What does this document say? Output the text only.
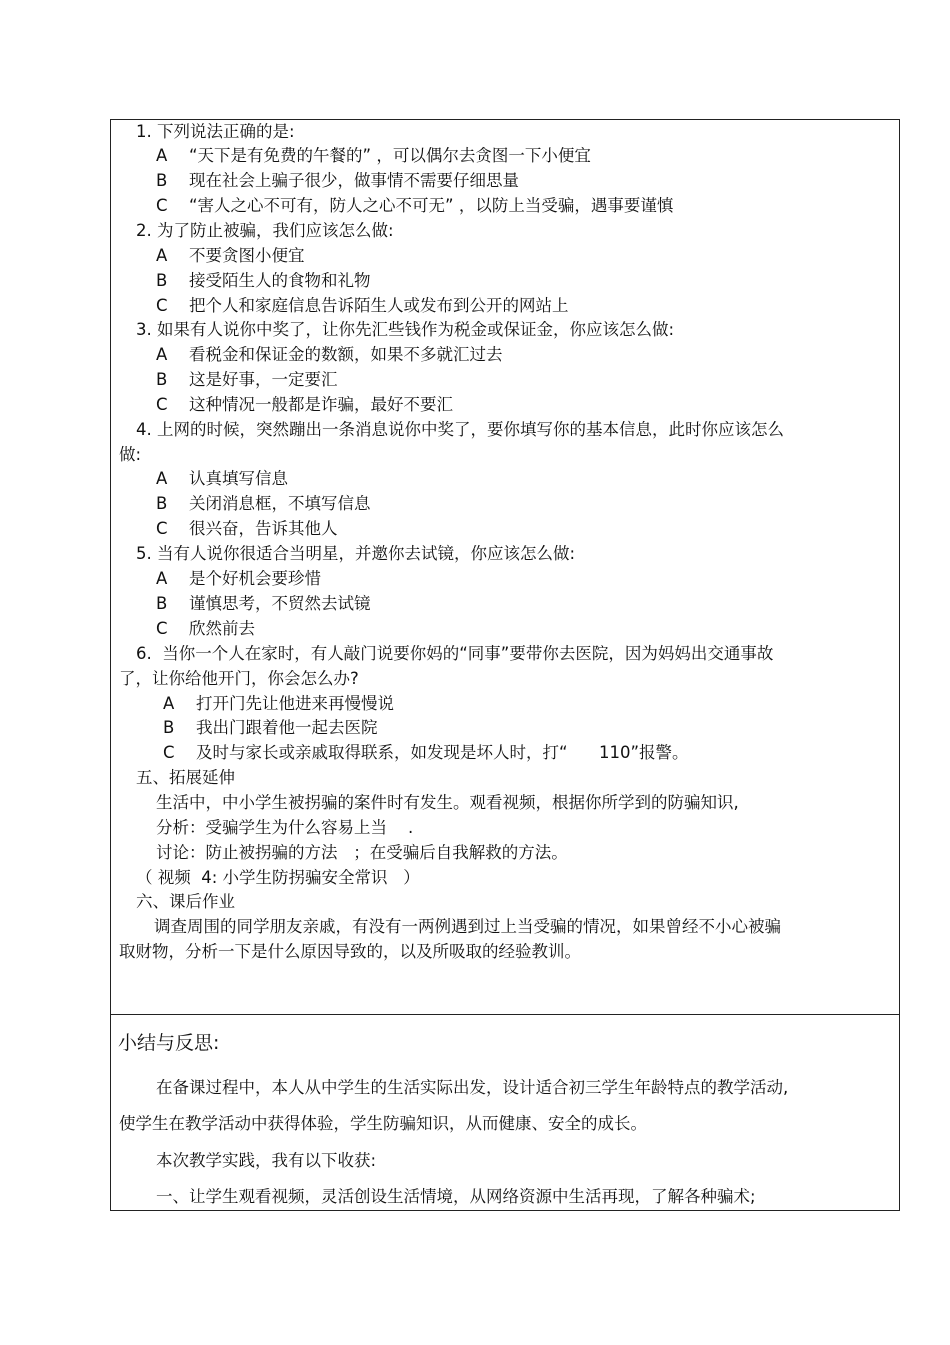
1. 下列说法正确的是:
A “天下是有免费的午餐的” ，可以偶尔去贪图一下小便宜
B 现在社会上骗子很少，做事情不需要仔细思量
C “害人之心不可有，防人之心不可无” ，以防上当受骗，遇事要谨慎
2. 为了防止被骗，我们应该怎么做:
A 不要贪图小便宜
B 接受陌生人的食物和礼物
C 把个人和家庭信息告诉陌生人或发布到公开的网站上
3. 如果有人说你中奖了，让你先汇些钱作为税金或保证金，你应该怎么做:
A 看税金和保证金的数额，如果不多就汇过去
B 这是好事，一定要汇
C 这种情况一般都是诈骗，最好不要汇
4. 上网的时候，突然蹦出一条消息说你中奖了，要你填写你的基本信息，此时你应该怎么
做:
A 认真填写信息
B 关闭消息框，不填写信息
C 很兴奋，告诉其他人
5. 当有人说你很适合当明星，并邀你去试镜，你应该怎么做:
A 是个好机会要珍惜
B 谨慎思考，不贸然去试镜
C 欣然前去
6.  当你一个人在家时，有人敲门说要你妈的“同事”要带你去医院，因为妈妈出交通事故
了，让你给他开门，你会怎么办?
A 打开门先让他进来再慢慢说
B 我出门跟着他一起去医院
C 及时与家长或亲戚取得联系，如发现是坏人时，打“      110”报警。
五、拓展延伸
生活中，中小学生被拐骗的案件时有发生。观看视频，根据你所学到的防骗知识,
分析：受骗学生为什么容易上当    .
讨论：防止被拐骗的方法   ；在受骗后自我解救的方法。
（ 视频  4: 小学生防拐骗安全常识   ）
六、课后作业
调查周围的同学朋友亲戚，有没有一两例遇到过上当受骗的情况，如果曾经不小心被骗
取财物，分析一下是什么原因导致的，以及所吸取的经验教训。
小结与反思:
在备课过程中，本人从中学生的生活实际出发，设计适合初三学生年龄特点的教学活动,
使学生在教学活动中获得体验，学生防骗知识，从而健康、安全的成长。
本次教学实践，我有以下收获:
一、让学生观看视频，灵活创设生活情境，从网络资源中生活再现，了解各种骗术;
